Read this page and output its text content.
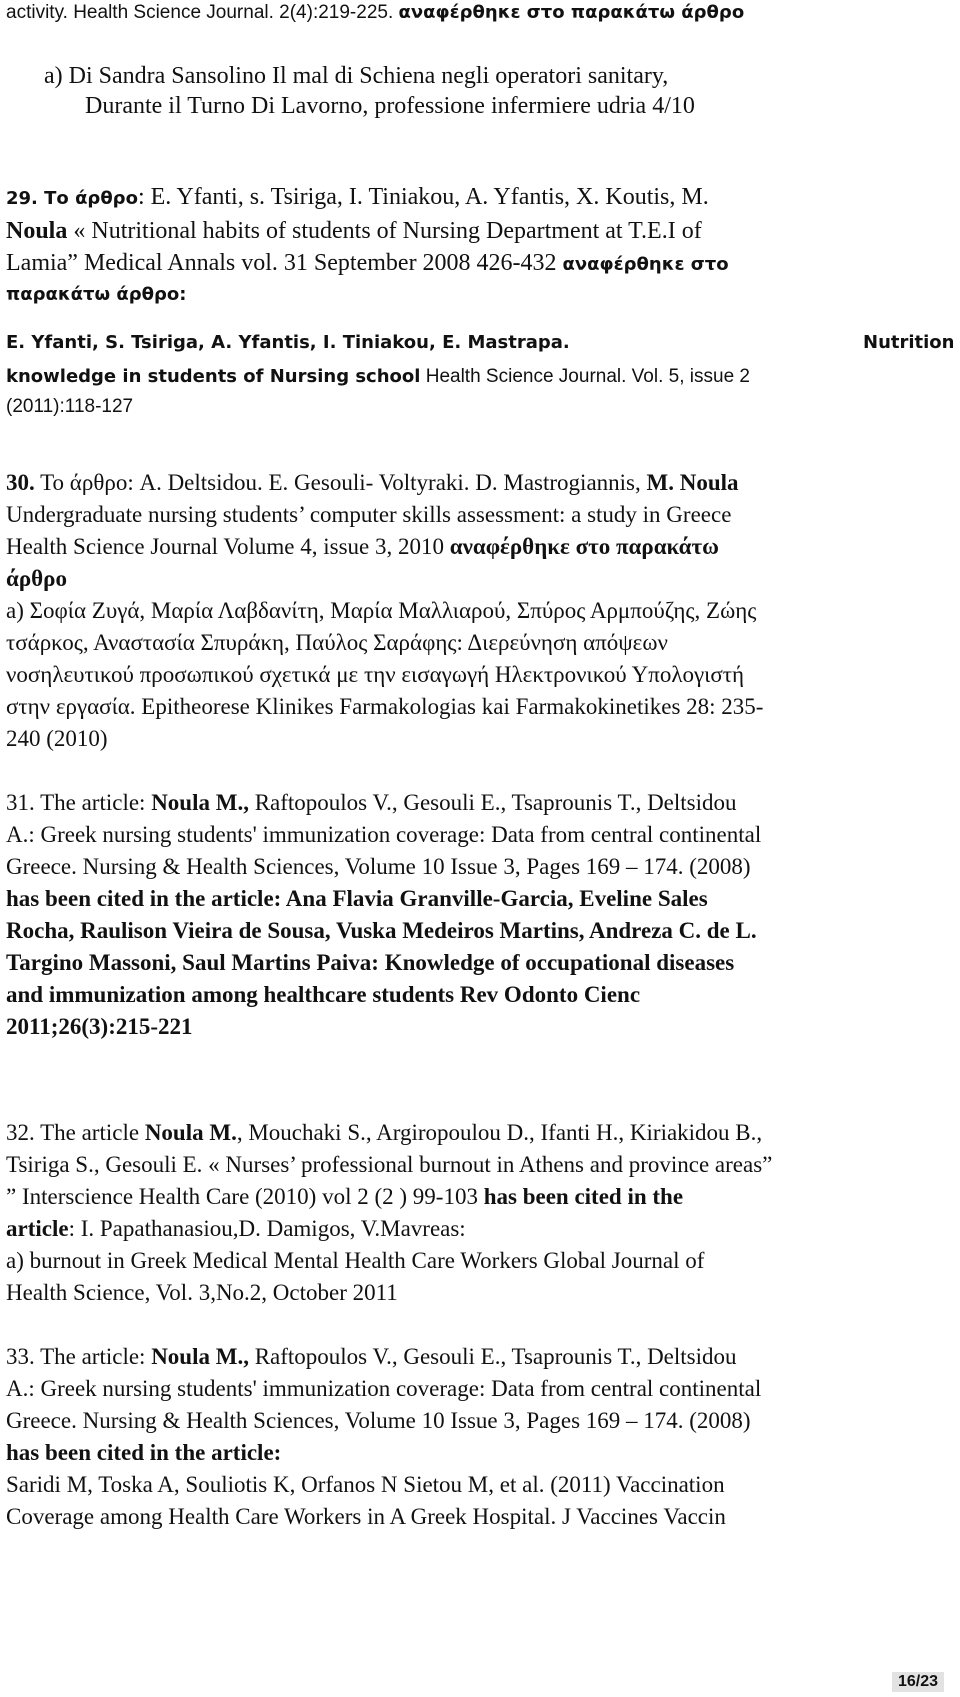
activity. Health Science Journal. 2(4):219-225. αναφέρθηκε στο παρακάτω άρθρο

a) Di Sandra Sansolino Il mal di Schiena negli operatori sanitary,

Durante il Turno Di Lavorno, professione infermiere udria 4/10

29. Το άρθρο: E. Yfanti, s. Tsiriga, I. Tiniakou, A. Yfantis, X. Koutis, M.

Noula « Nutritional habits of students of Nursing Department at T.E.I of

Lamia” Medical Annals vol. 31 September 2008 426-432 αναφέρθηκε στο

παρακάτω άρθρο:

E. Yfanti, S. Tsiriga, A. Yfantis, I. Tiniakou, E. Mastrapa.	Nutrition

knowledge in students of Nursing school Health Science Journal. Vol. 5, issue 2

(2011):118-127

30. Το άρθρο: A. Deltsidou. E. Gesouli- Voltyraki. D. Mastrogiannis, M. Noula

Undergraduate nursing students’ computer skills assessment: a study in Greece

Health Science Journal Volume 4, issue 3, 2010 αναφέρθηκε στο παρακάτω

άρθρο

a) Σοφία Ζυγά, Μαρία Λαβδανίτη, Μαρία Μαλλιαρού, Σπύρος Αρμπούζης, Ζώης

τσάρκος, Αναστασία Σπυράκη, Παύλος Σαράφης: Διερεύνηση απόψεων

νοσηλευτικού προσωπικού σχετικά με την εισαγωγή Ηλεκτρονικού Υπολογιστή

στην εργασία. Epitheorese Klinikes Farmakologias kai Farmakokinetikes 28: 235-

240 (2010)

31. The article: Noula M., Raftopoulos V., Gesouli E., Tsaprounis T., Deltsidou

A.: Greek nursing students' immunization coverage: Data from central continental

Greece. Nursing & Health Sciences, Volume 10 Issue 3, Pages 169 – 174. (2008)

has been cited in the article: Ana Flavia Granville-Garcia, Eveline Sales

Rocha, Raulison Vieira de Sousa, Vuska Medeiros Martins, Andreza C. de L.

Targino Massoni, Saul Martins Paiva: Knowledge of occupational diseases

and immunization among healthcare students Rev Odonto Cienc

2011;26(3):215-221

32. The article Noula M., Mouchaki S., Argiropoulou D., Ifanti H., Kiriakidou B.,

Tsiriga S., Gesouli E. « Nurses’ professional burnout in Athens and province areas”

” Interscience Health Care (2010) vol 2 (2 ) 99-103 has been cited in the

article: I. Papathanasiou,D. Damigos, V.Mavreas:

a) burnout in Greek Medical Mental Health Care Workers Global Journal of

Health Science, Vol. 3,No.2, October 2011

33. The article: Noula M., Raftopoulos V., Gesouli E., Tsaprounis T., Deltsidou

A.: Greek nursing students' immunization coverage: Data from central continental

Greece. Nursing & Health Sciences, Volume 10 Issue 3, Pages 169 – 174. (2008)

has been cited in the article:

Saridi M, Toska A, Souliotis K, Orfanos N Sietou M, et al. (2011) Vaccination

Coverage among Health Care Workers in A Greek Hospital. J Vaccines Vaccin

16/23
